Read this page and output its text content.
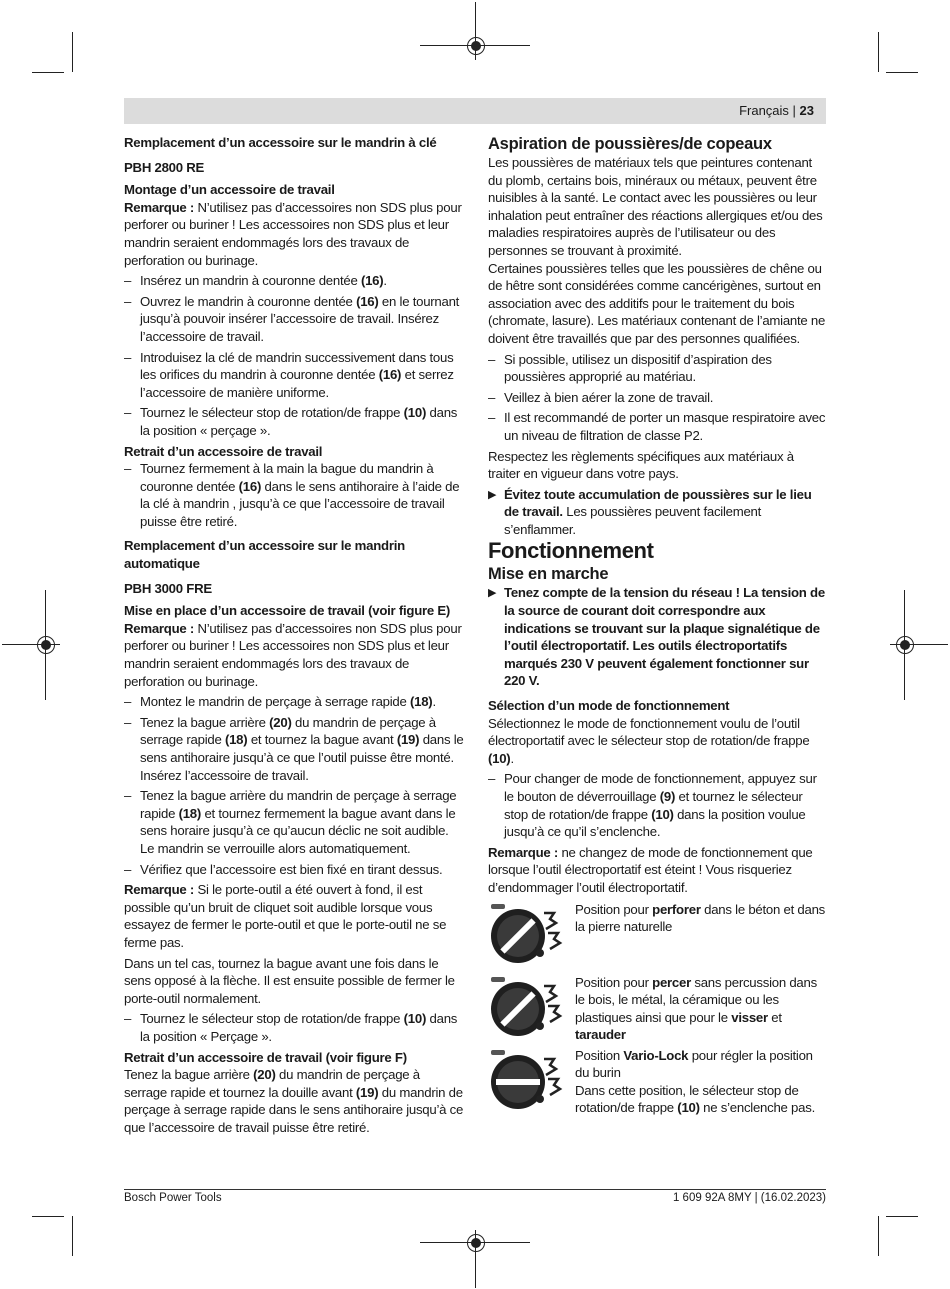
Français | 23

Remplacement d’un accessoire sur le mandrin à clé

PBH 2800 RE

Montage d’un accessoire de travail

Remarque : N’utilisez pas d’accessoires non SDS plus pour perforer ou buriner ! Les accessoires non SDS plus et leur mandrin seraient endommagés lors des travaux de perforation ou burinage.

– Insérez un mandrin à couronne dentée (16).
– Ouvrez le mandrin à couronne dentée (16) en le tournant jusqu’à pouvoir insérer l’accessoire de travail. Insérez l’accessoire de travail.
– Introduisez la clé de mandrin successivement dans tous les orifices du mandrin à couronne dentée (16) et serrez l’accessoire de manière uniforme.
– Tournez le sélecteur stop de rotation/de frappe (10) dans la position « perçage ».

Retrait d’un accessoire de travail

– Tournez fermement à la main la bague du mandrin à couronne dentée (16) dans le sens antihoraire à l’aide de la clé à mandrin , jusqu’à ce que l’accessoire de travail puisse être retiré.

Remplacement d’un accessoire sur le mandrin automatique

PBH 3000 FRE

Mise en place d’un accessoire de travail (voir figure E)

Remarque : N’utilisez pas d’accessoires non SDS plus pour perforer ou buriner ! Les accessoires non SDS plus et leur mandrin seraient endommagés lors des travaux de perforation ou burinage.

– Montez le mandrin de perçage à serrage rapide (18).
– Tenez la bague arrière (20) du mandrin de perçage à serrage rapide (18) et tournez la bague avant (19) dans le sens antihoraire jusqu’à ce que l’outil puisse être monté. Insérez l’accessoire de travail.
– Tenez la bague arrière du mandrin de perçage à serrage rapide (18) et tournez fermement la bague avant dans le sens horaire jusqu’à ce qu’aucun déclic ne soit audible. Le mandrin se verrouille alors automatiquement.
– Vérifiez que l’accessoire est bien fixé en tirant dessus.

Remarque : Si le porte-outil a été ouvert à fond, il est possible qu’un bruit de cliquet soit audible lorsque vous essayez de fermer le porte-outil et que le porte-outil ne se ferme pas.

Dans un tel cas, tournez la bague avant une fois dans le sens opposé à la flèche. Il est ensuite possible de fermer le porte-outil normalement.

– Tournez le sélecteur stop de rotation/de frappe (10) dans la position « Perçage ».

Retrait d’un accessoire de travail (voir figure F)

Tenez la bague arrière (20) du mandrin de perçage à serrage rapide et tournez la douille avant (19) du mandrin de perçage à serrage rapide dans le sens antihoraire jusqu’à ce que l’accessoire de travail puisse être retiré.

Aspiration de poussières/de copeaux

Les poussières de matériaux tels que peintures contenant du plomb, certains bois, minéraux ou métaux, peuvent être nuisibles à la santé. Le contact avec les poussières ou leur inhalation peut entraîner des réactions allergiques et/ou des maladies respiratoires auprès de l’utilisateur ou des personnes se trouvant à proximité.

Certaines poussières telles que les poussières de chêne ou de hêtre sont considérées comme cancérigènes, surtout en association avec des additifs pour le traitement du bois (chromate, lasure). Les matériaux contenant de l’amiante ne doivent être travaillés que par des personnes qualifiées.

– Si possible, utilisez un dispositif d’aspiration des poussières approprié au matériau.
– Veillez à bien aérer la zone de travail.
– Il est recommandé de porter un masque respiratoire avec un niveau de filtration de classe P2.

Respectez les règlements spécifiques aux matériaux à traiter en vigueur dans votre pays.

▶ Évitez toute accumulation de poussières sur le lieu de travail. Les poussières peuvent facilement s’enflammer.

Fonctionnement

Mise en marche

▶ Tenez compte de la tension du réseau ! La tension de la source de courant doit correspondre aux indications se trouvant sur la plaque signalétique de l’outil électroportatif. Les outils électroportatifs marqués 230 V peuvent également fonctionner sur 220 V.

Sélection d’un mode de fonctionnement

Sélectionnez le mode de fonctionnement voulu de l’outil électroportatif avec le sélecteur stop de rotation/de frappe (10).

– Pour changer de mode de fonctionnement, appuyez sur le bouton de déverrouillage (9) et tournez le sélecteur stop de rotation/de frappe (10) dans la position voulue jusqu’à ce qu’il s’enclenche.

Remarque : ne changez de mode de fonctionnement que lorsque l’outil électroportatif est éteint ! Vous risqueriez d’endommager l’outil électroportatif.

Position pour perforer dans le béton et dans la pierre naturelle
Position pour percer sans percussion dans le bois, le métal, la céramique ou les plastiques ainsi que pour le visser et tarauder
Position Vario-Lock pour régler la position du burin
Dans cette position, le sélecteur stop de rotation/de frappe (10) ne s’enclenche pas.
Bosch Power Tools	1 609 92A 8MY | (16.02.2023)
